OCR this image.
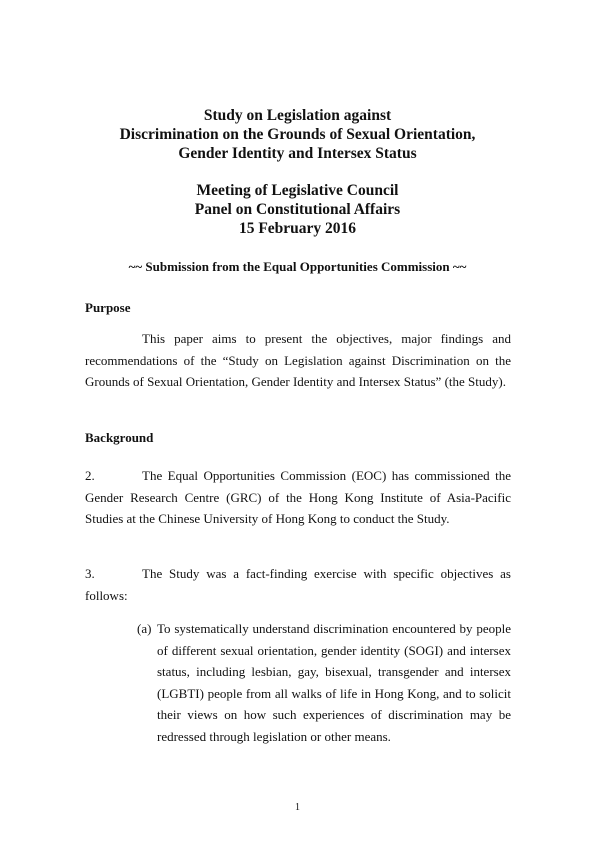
Study on Legislation against
Discrimination on the Grounds of Sexual Orientation,
Gender Identity and Intersex Status
Meeting of Legislative Council
Panel on Constitutional Affairs
15 February 2016
~~ Submission from the Equal Opportunities Commission ~~
Purpose

This paper aims to present the objectives, major findings and recommendations of the “Study on Legislation against Discrimination on the Grounds of Sexual Orientation, Gender Identity and Intersex Status” (the Study).

Background

2.	The Equal Opportunities Commission (EOC) has commissioned the Gender Research Centre (GRC) of the Hong Kong Institute of Asia-Pacific Studies at the Chinese University of Hong Kong to conduct the Study.

3.	The Study was a fact-finding exercise with specific objectives as follows:

(a) To systematically understand discrimination encountered by people of different sexual orientation, gender identity (SOGI) and intersex status, including lesbian, gay, bisexual, transgender and intersex (LGBTI) people from all walks of life in Hong Kong, and to solicit their views on how such experiences of discrimination may be redressed through legislation or other means.
1
